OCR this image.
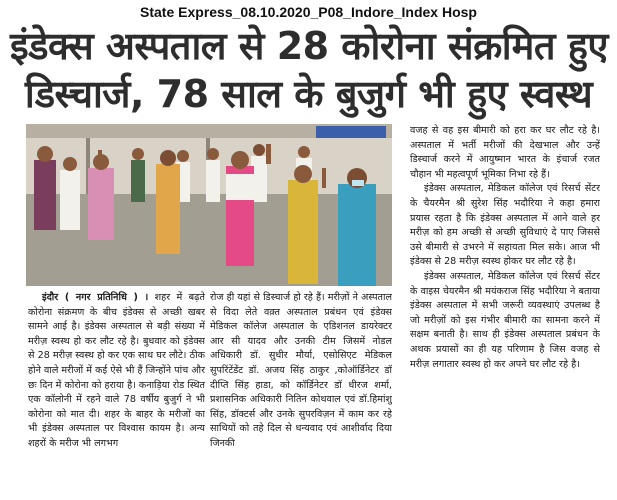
State Express_08.10.2020_P08_Indore_Index Hosp
इंडेक्स अस्पताल से 28 कोरोना संक्रमित हुए
डिस्चार्ज, 78 साल के बुजुर्ग भी हुए स्वस्थ

इंदौर ( नगर प्रतिनिधि ) । शहर में बढ़ते कोरोना संक्रमण के बीच इंडेक्स से अच्छी खबर सामने आई है। इंडेक्स अस्पताल से बड़ी संख्या में मरीज़ स्वस्थ हो कर लौट रहे है। बुधवार को इंडेक्स से 28 मरीज़ स्वस्थ हो कर एक साथ घर लौटे। ठीक होने वाले मरीजों में कई ऐसे भी हैं जिन्होंने पांच और छः दिन में कोरोना को हराया है। कनाड़िया रोड स्थित एक कॉलोनी में रहने वाले 78 वर्षीय बुजुर्ग ने भी कोरोना को मात दी। शहर के बाहर के मरीजों का भी इंडेक्स अस्पताल पर विश्वास कायम है। अन्य शहरों के मरीज भी लगभग

रोज ही यहां से डिस्चार्ज हो रहे हैं। मरीज़ों ने अस्पताल से विदा लेते वक़्त अस्पताल प्रबंधन एवं इंडेक्स मेडिकल कॉलेज अस्पताल के एडिशनल डायरेक्टर आर सी यादव और उनकी टीम जिसमें नोडल अधिकारी डॉ. सुधीर मौर्या, एसोसिएट मेडिकल सुपरिंटेंडेंट डॉ. अजय सिंह ठाकुर ,कोऑर्डिनेटर डॉ दीप्ति सिंह हाडा, को कॉर्डिनेटर डॉ धीरज शर्मा, प्रशासनिक अधिकारी नितिन कोथवाल एवं डॉ.हिमांशु सिंह, डॉक्टर्स और उनके सुपरविज़न में काम कर रहे साथियों को तहे दिल से धन्यवाद एवं आशीर्वाद दिया जिनकी

वजह से वह इस बीमारी को हरा कर घर लौट रहे है। अस्पताल में भर्ती मरीजों की देखभाल और उन्हें डिस्चार्ज करने में आयुष्मान भारत के इंचार्ज रजत चौहान भी महत्वपूर्ण भूमिका निभा रहे हैं।

इंडेक्स अस्पताल, मेडिकल कॉलेज एवं रिसर्च सेंटर के चैयरमैन श्री सुरेश सिंह भदौरिया ने कहा हमारा प्रयास रहता है कि इंडेक्स अस्पताल में आने वाले हर मरीज़ को हम अच्छी से अच्छी सुविधाएं दे पाए जिससे उसे बीमारी से उभरने में सहायता मिल सके। आज भी इंडेक्स से 28 मरीज़ स्वस्थ होकर घर लौट रहे है।

इंडेक्स अस्पताल, मेडिकल कॉलेज एवं रिसर्च सेंटर के वाइस चेयरमैन श्री मयंकराज सिंह भदौरिया ने बताया इंडेक्स अस्पताल में सभी जरूरी व्यवस्थाएं उपलब्ध है जो मरीज़ों को इस गंभीर बीमारी का सामना करने में सक्षम बनाती है। साथ ही इंडेक्स अस्पताल प्रबंधन के अथक प्रयासों का ही यह परिणाम है जिस वजह से मरीज़ लगातार स्वस्थ हो कर अपने घर लौट रहे है।
